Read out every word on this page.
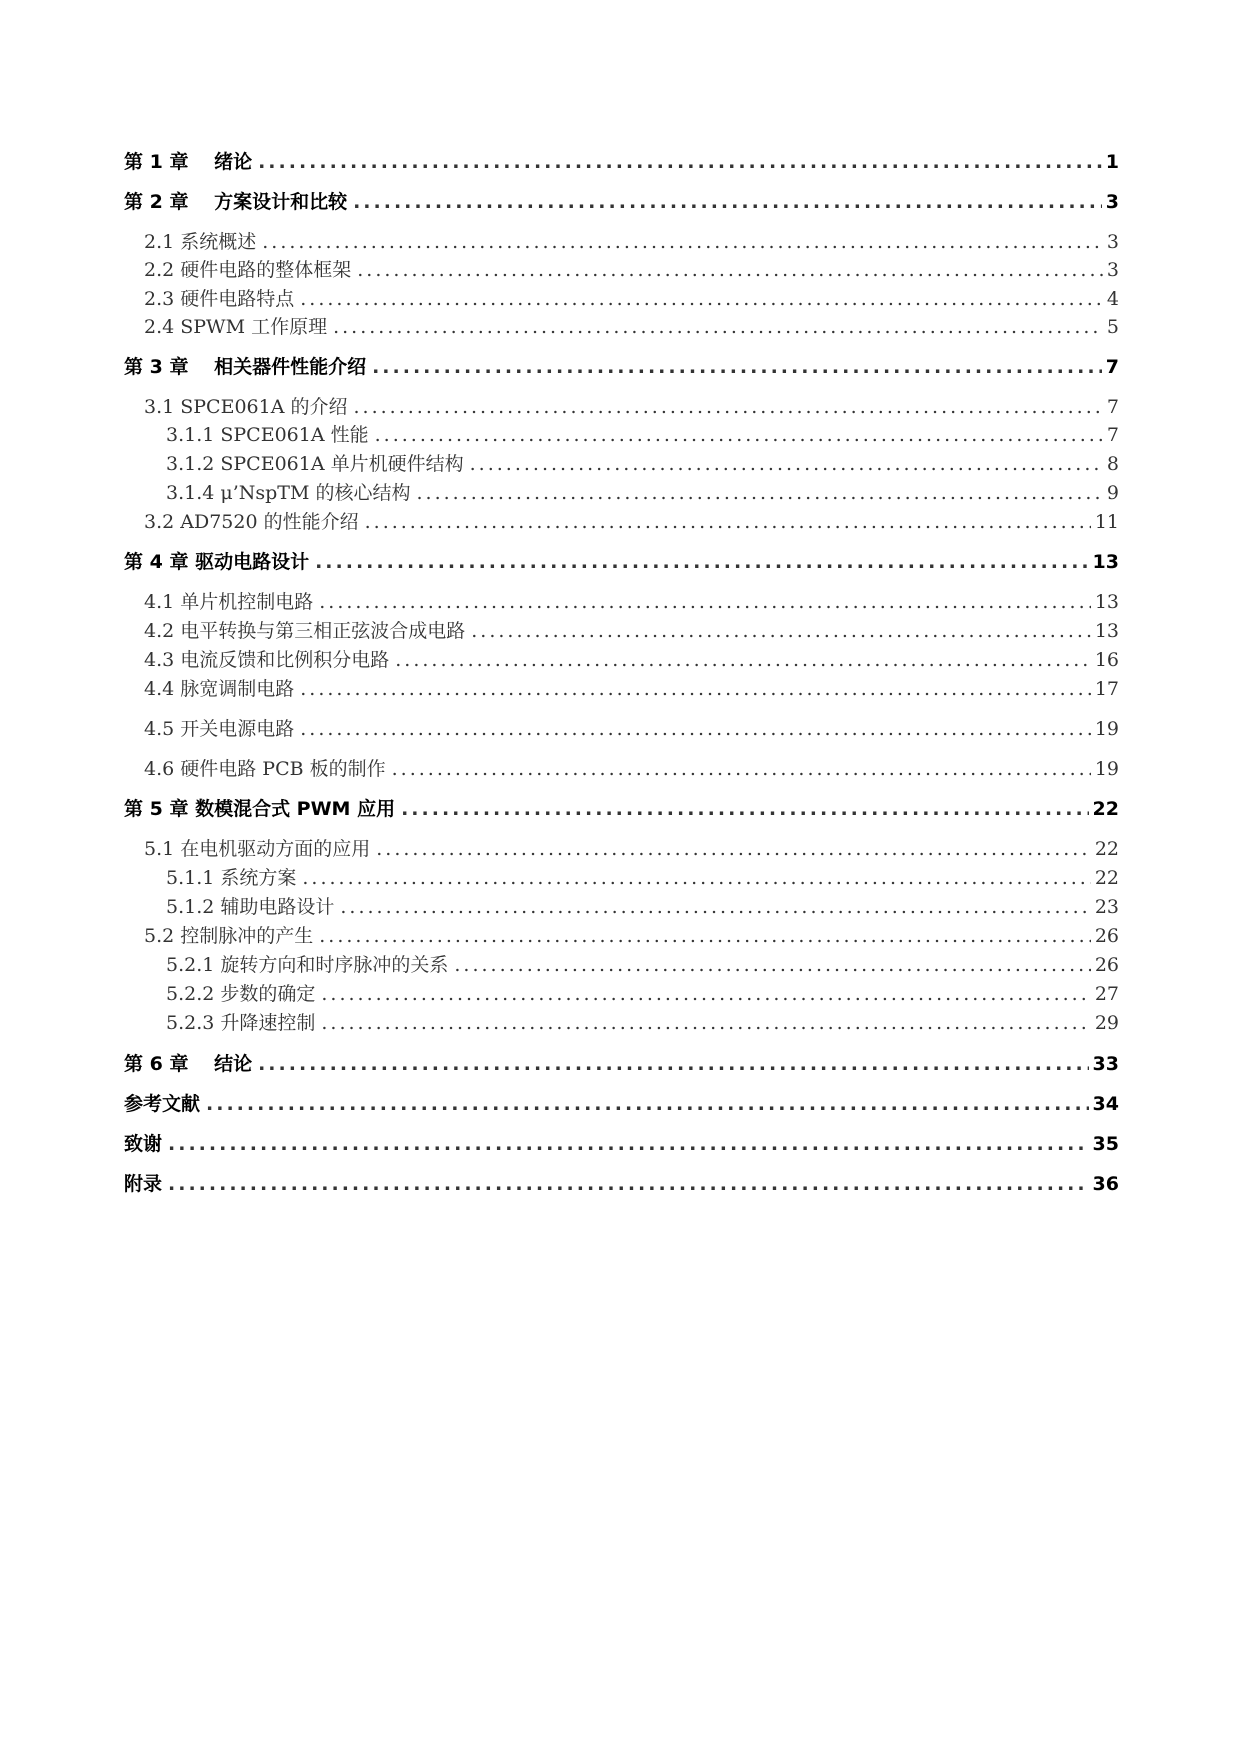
第 1 章　 绪论 .....	1
第 2 章　 方案设计和比较 .....	3
2.1 系统概述 .....	3
2.2 硬件电路的整体框架 .....	3
2.3 硬件电路特点 .....	4
2.4 SPWM 工作原理 .....	5
第 3 章　 相关器件性能介绍 .....	7
3.1 SPCE061A 的介绍 .....	7
3.1.1 SPCE061A 性能 .....	7
3.1.2 SPCE061A 单片机硬件结构 .....	8
3.1.4 μ’NspTM 的核心结构 .....	9
3.2 AD7520 的性能介绍 .....	11
第 4 章 驱动电路设计 .....	13
4.1 单片机控制电路 .....	13
4.2 电平转换与第三相正弦波合成电路 .....	13
4.3 电流反馈和比例积分电路 .....	16
4.4 脉宽调制电路 .....	17
4.5 开关电源电路 .....	19
4.6 硬件电路 PCB 板的制作 .....	19
第 5 章 数模混合式 PWM 应用 .....	22
5.1 在电机驱动方面的应用 .....	22
5.1.1 系统方案 .....	22
5.1.2 辅助电路设计 .....	23
5.2 控制脉冲的产生 .....	26
5.2.1 旋转方向和时序脉冲的关系 .....	26
5.2.2 步数的确定 .....	27
5.2.3 升降速控制 .....	29
第 6 章　 结论 .....	33
参考文献 .....	34
致谢 .....	35
附录 .....	36
